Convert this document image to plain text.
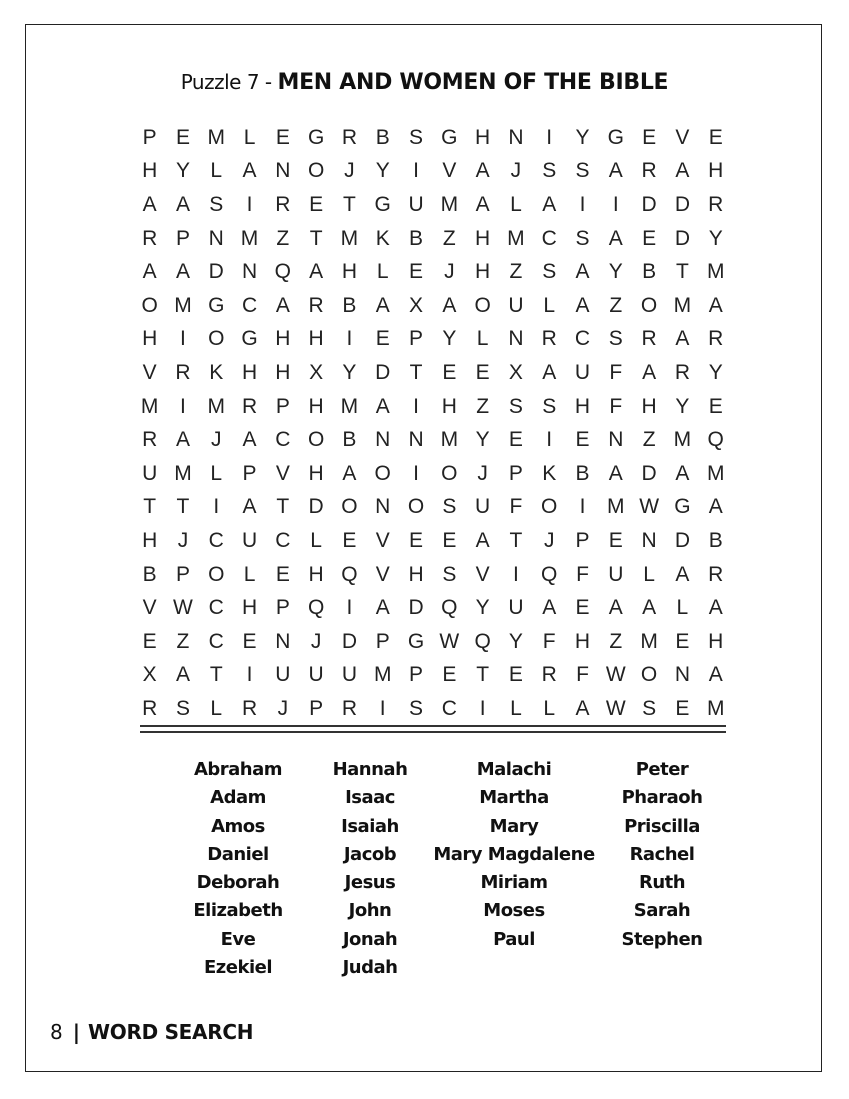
Puzzle 7 - MEN AND WOMEN OF THE BIBLE
P E M L E G R B S G H N	I	Y G E V E
H Y L A N O J	Y	I	V A	J	S S A R A H
A A S	I	R E T G U M A L A	I	I	D D R
R P N M Z T M K B Z H M C S A E D Y
A A D N Q A H L E	J H Z S A Y B T M
O M G C A R B A X A O U L A Z O M A
H	I	O G H H	I	E P Y L N R C S R A R
V R K H H X Y D T E E X A U F A R Y
M	I	M R P H M A	I	H Z S S H F H Y E
R A	J	A C O B N N M Y E	I	E N Z M Q
U M L P V H A O	I	O J	P K B A D A M
T T	I	A T D O N O S U F O	I	M W G A
H J C U C L E V E E A T	J	P E N D B
B P O L E H Q V H S V	I	Q F U L A R
V W C H P Q	I	A D Q Y U A E A A L A
E Z C E N J D P G W Q Y F H Z M E H
X A T	I	U U U M P E T E R F W O N A
R S L R J	P R	I	S C	I	L	L A W S E M
Abraham
Adam
Amos
Daniel
Deborah
Elizabeth
Eve
Ezekiel
Hannah
Isaac
Isaiah
Jacob
Jesus
John
Jonah
Judah
Malachi
Martha
Mary
Mary Magdalene
Miriam
Moses
Paul
Peter
Pharaoh
Priscilla
Rachel
Ruth
Sarah
Stephen
8 | WORD SEARCH
